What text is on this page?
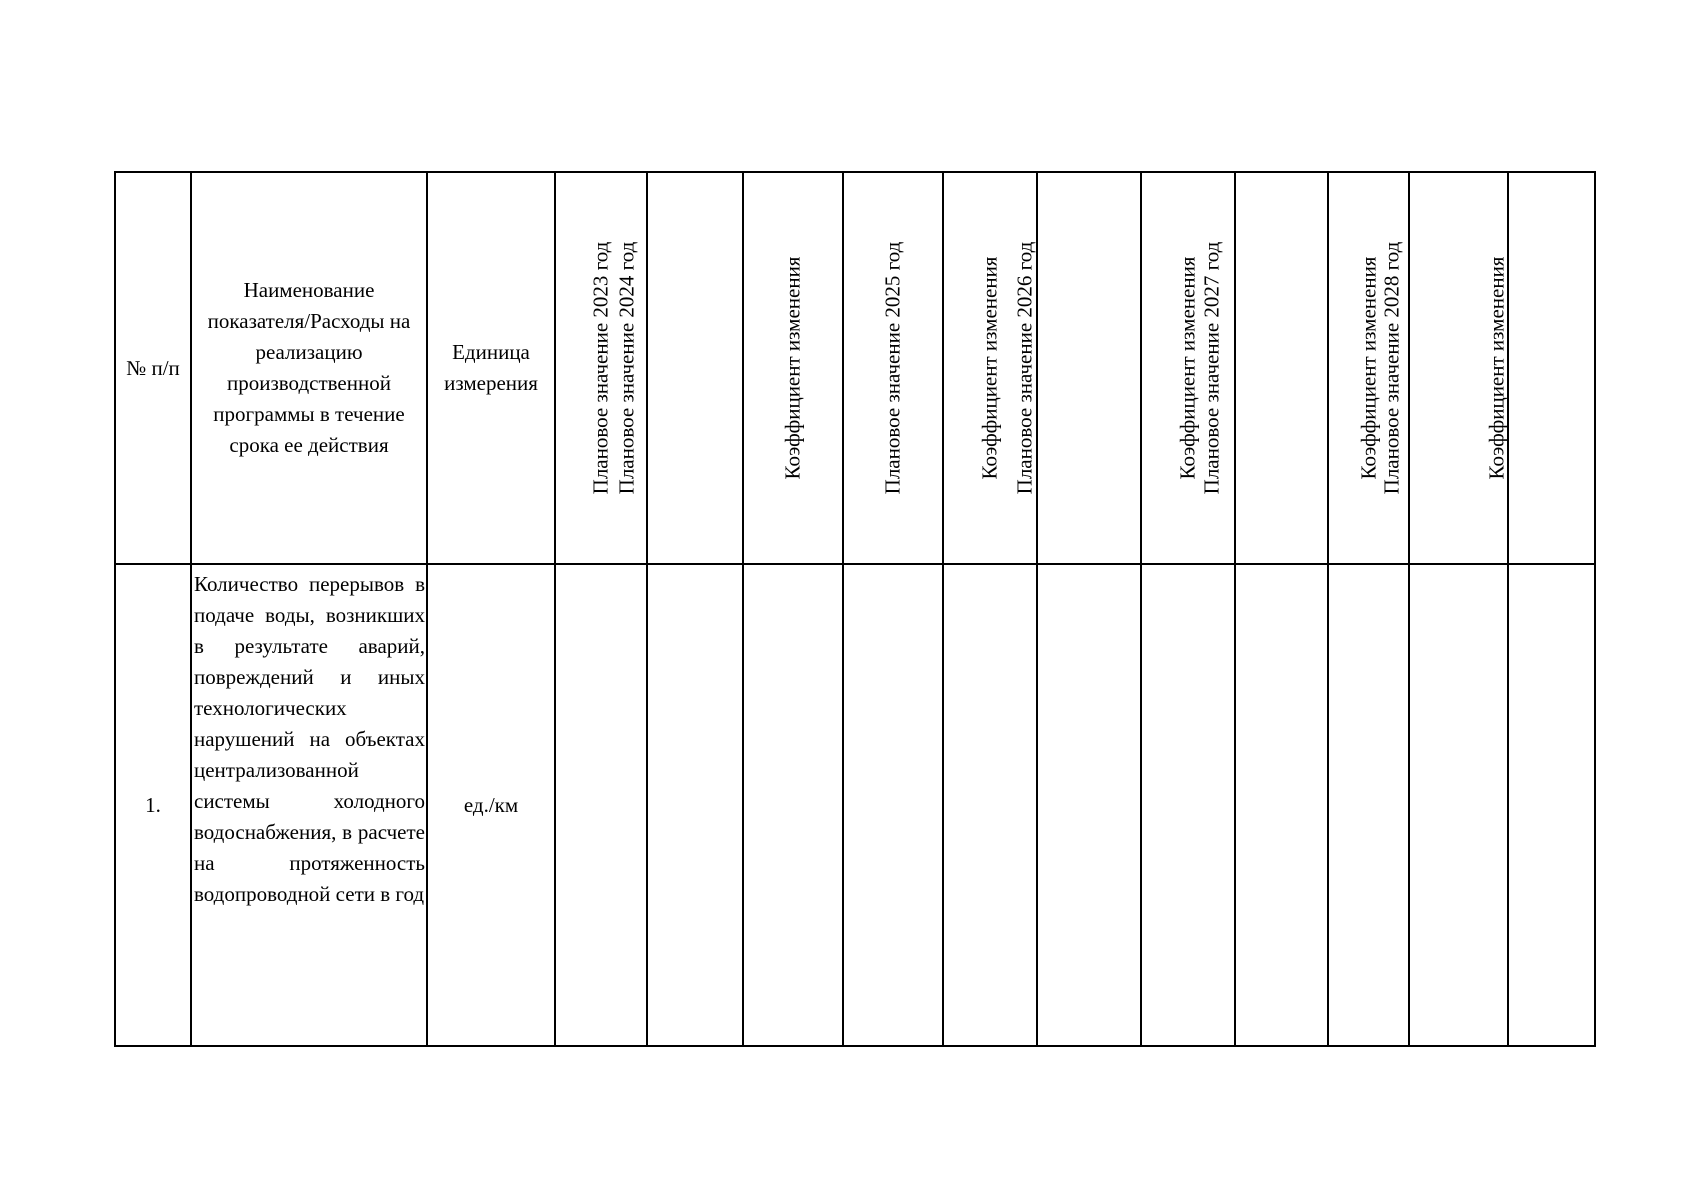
№ п/п	Наименование показателя/Расходы на реализацию производственной программы в течение срока ее действия	Единица измерения	Плановое значение 2023 год	Плановое значение 2024 год	Коэффициент изменения	Плановое значение 2025 год	Коэффициент изменения	Плановое значение 2026 год	Коэффициент изменения	Плановое значение 2027 год	Коэффициент изменения	Плановое значение 2028 год	Коэффициент изменения

1.	Количество перерывов в подаче воды, возникших в результате аварий, повреждений и иных технологических нарушений на объектах централизованной системы холодного водоснабжения, в расчете на протяженность водопроводной сети в год	ед./км											
